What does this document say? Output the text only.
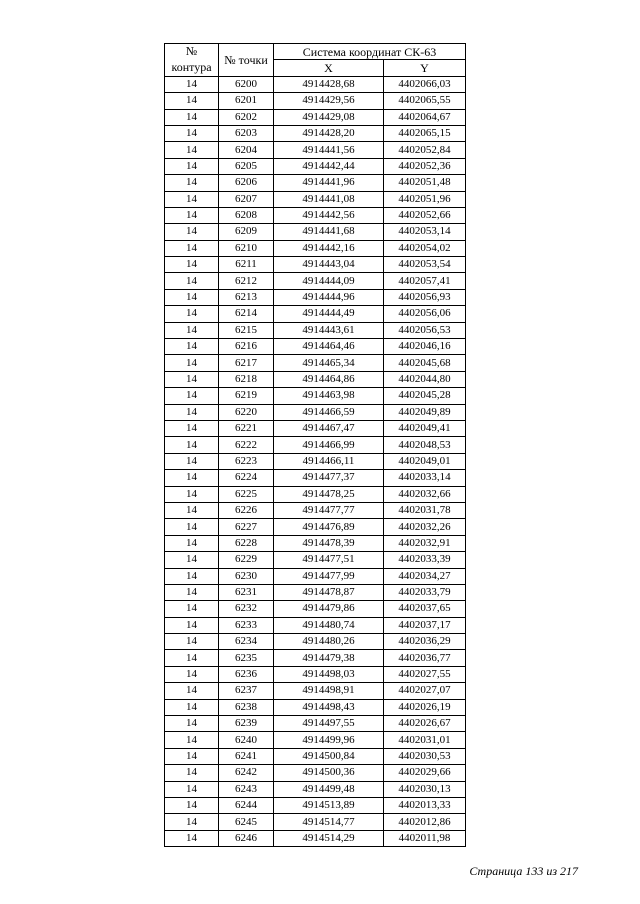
№ контура	№ точки	Система координат СК-63	
		X	Y
14	6200	4914428,68	4402066,03
14	6201	4914429,56	4402065,55
14	6202	4914429,08	4402064,67
14	6203	4914428,20	4402065,15
14	6204	4914441,56	4402052,84
14	6205	4914442,44	4402052,36
14	6206	4914441,96	4402051,48
14	6207	4914441,08	4402051,96
14	6208	4914442,56	4402052,66
14	6209	4914441,68	4402053,14
14	6210	4914442,16	4402054,02
14	6211	4914443,04	4402053,54
14	6212	4914444,09	4402057,41
14	6213	4914444,96	4402056,93
14	6214	4914444,49	4402056,06
14	6215	4914443,61	4402056,53
14	6216	4914464,46	4402046,16
14	6217	4914465,34	4402045,68
14	6218	4914464,86	4402044,80
14	6219	4914463,98	4402045,28
14	6220	4914466,59	4402049,89
14	6221	4914467,47	4402049,41
14	6222	4914466,99	4402048,53
14	6223	4914466,11	4402049,01
14	6224	4914477,37	4402033,14
14	6225	4914478,25	4402032,66
14	6226	4914477,77	4402031,78
14	6227	4914476,89	4402032,26
14	6228	4914478,39	4402032,91
14	6229	4914477,51	4402033,39
14	6230	4914477,99	4402034,27
14	6231	4914478,87	4402033,79
14	6232	4914479,86	4402037,65
14	6233	4914480,74	4402037,17
14	6234	4914480,26	4402036,29
14	6235	4914479,38	4402036,77
14	6236	4914498,03	4402027,55
14	6237	4914498,91	4402027,07
14	6238	4914498,43	4402026,19
14	6239	4914497,55	4402026,67
14	6240	4914499,96	4402031,01
14	6241	4914500,84	4402030,53
14	6242	4914500,36	4402029,66
14	6243	4914499,48	4402030,13
14	6244	4914513,89	4402013,33
14	6245	4914514,77	4402012,86
14	6246	4914514,29	4402011,98
Страница 133 из 217
